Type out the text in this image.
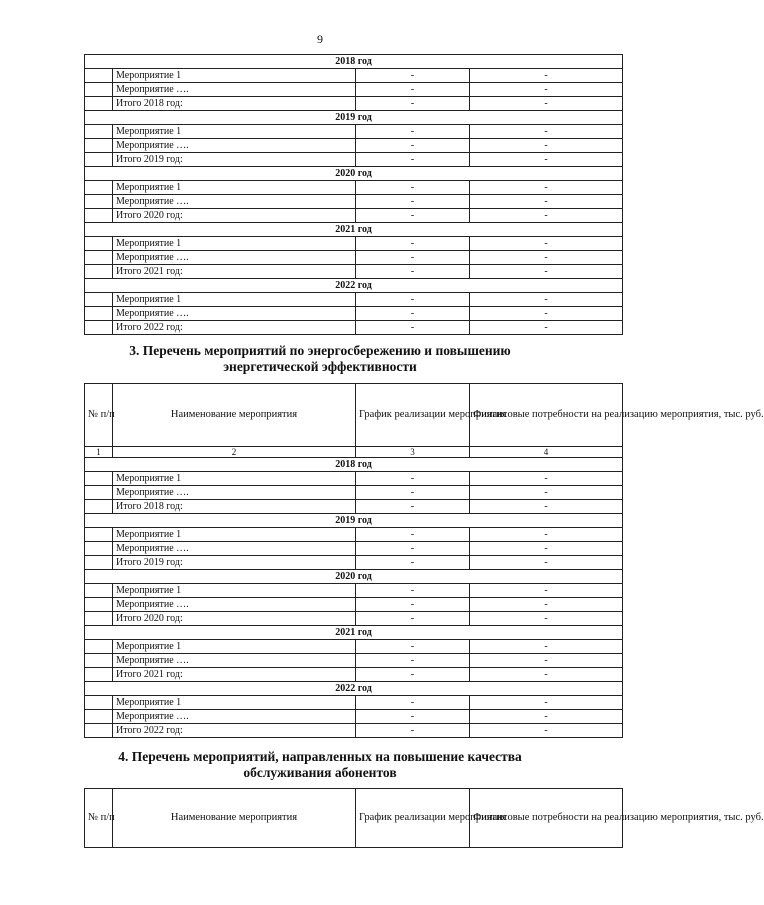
9
2018 год			
	Мероприятие 1	-	-
	Мероприятие ….	-	-
	Итого 2018 год:	-	-
2019 год			
	Мероприятие 1	-	-
	Мероприятие ….	-	-
	Итого 2019 год:	-	-
2020 год			
	Мероприятие 1	-	-
	Мероприятие ….	-	-
	Итого 2020 год:	-	-
2021 год			
	Мероприятие 1	-	-
	Мероприятие ….	-	-
	Итого 2021 год:	-	-
2022 год			
	Мероприятие 1	-	-
	Мероприятие ….	-	-
	Итого 2022 год:	-	-
3. Перечень мероприятий по энергосбережению и повышению
энергетической эффективности
№ п/п	Наименование мероприятия	График реализации мероприятия	Финансовые потребности на реализацию мероприятия, тыс. руб.
1	2	3	4
2018 год			
	Мероприятие 1	-	-
	Мероприятие ….	-	-
	Итого 2018 год:	-	-
2019 год			
	Мероприятие 1	-	-
	Мероприятие ….	-	-
	Итого 2019 год:	-	-
2020 год			
	Мероприятие 1	-	-
	Мероприятие ….	-	-
	Итого 2020 год:	-	-
2021 год			
	Мероприятие 1	-	-
	Мероприятие ….	-	-
	Итого 2021 год:	-	-
2022 год			
	Мероприятие 1	-	-
	Мероприятие ….	-	-
	Итого 2022 год:	-	-
4. Перечень мероприятий, направленных на повышение качества
обслуживания абонентов
№ п/п	Наименование мероприятия	График реализации мероприятия	Финансовые потребности на реализацию мероприятия, тыс. руб.
